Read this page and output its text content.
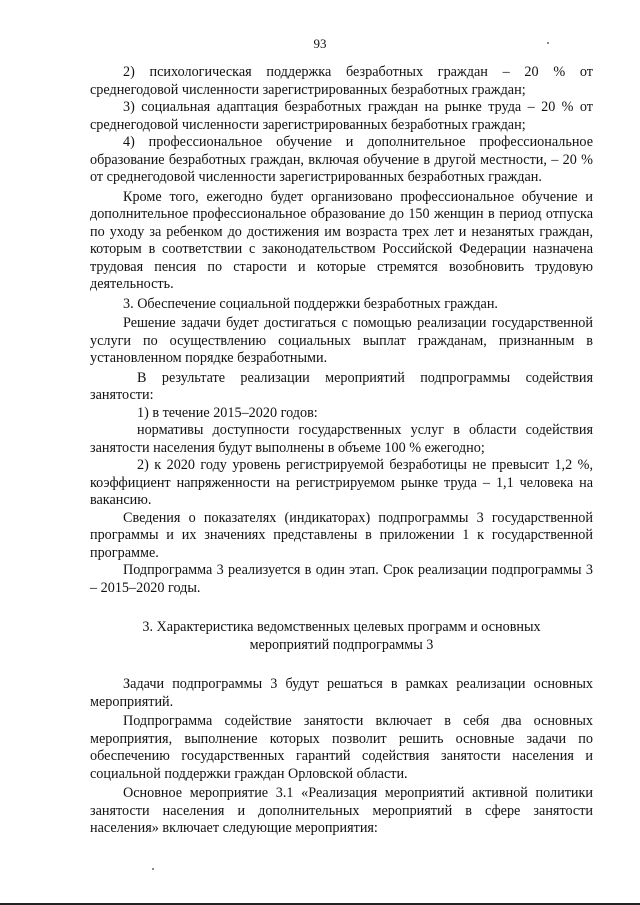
93

2) психологическая поддержка безработных граждан – 20 % от среднегодовой численности зарегистрированных безработных граждан;

3) социальная адаптация безработных граждан на рынке труда – 20 % от среднегодовой численности зарегистрированных безработных граждан;

4) профессиональное обучение и дополнительное профессиональное образование безработных граждан, включая обучение в другой местности, – 20 % от среднегодовой численности зарегистрированных безработных граждан.

Кроме того, ежегодно будет организовано профессиональное обучение и дополнительное профессиональное образование до 150 женщин в период отпуска по уходу за ребенком до достижения им возраста трех лет и незанятых граждан, которым в соответствии с законодательством Российской Федерации назначена трудовая пенсия по старости и которые стремятся возобновить трудовую деятельность.

3. Обеспечение социальной поддержки безработных граждан.

Решение задачи будет достигаться с помощью реализации государственной услуги по осуществлению социальных выплат гражданам, признанным в установленном порядке безработными.

В результате реализации мероприятий подпрограммы содействия занятости:

1) в течение 2015–2020 годов:

нормативы доступности государственных услуг в области содействия занятости населения будут выполнены в объеме 100 % ежегодно;

2) к 2020 году уровень регистрируемой безработицы не превысит 1,2 %, коэффициент напряженности на регистрируемом рынке труда – 1,1 человека на вакансию.

Сведения о показателях (индикаторах) подпрограммы 3 государственной программы и их значениях представлены в приложении 1 к государственной программе.

Подпрограмма 3 реализуется в один этап. Срок реализации подпрограммы 3 – 2015–2020 годы.

3. Характеристика ведомственных целевых программ и основных
мероприятий подпрограммы 3

Задачи подпрограммы 3 будут решаться в рамках реализации основных мероприятий.

Подпрограмма содействие занятости включает в себя два основных мероприятия, выполнение которых позволит решить основные задачи по обеспечению государственных гарантий содействия занятости населения и социальной поддержки граждан Орловской области.

Основное мероприятие 3.1 «Реализация мероприятий активной политики занятости населения и дополнительных мероприятий в сфере занятости населения» включает следующие мероприятия:
